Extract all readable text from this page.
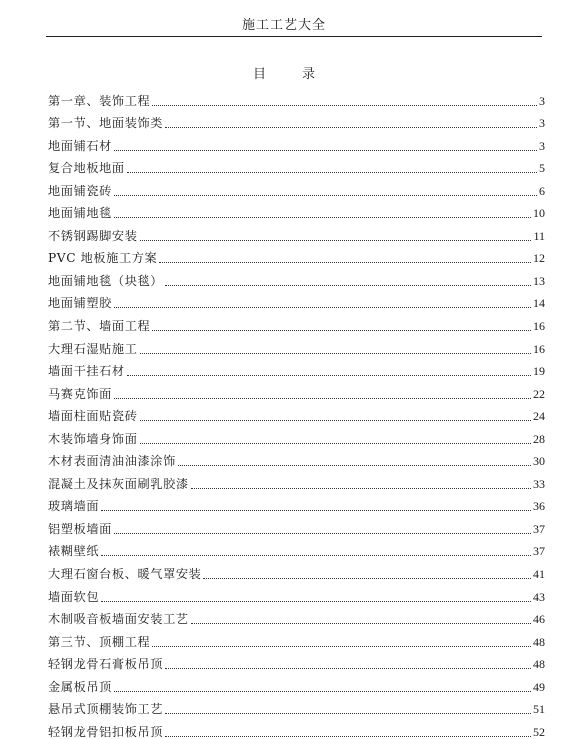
施工工艺大全
目	录
第一章、装饰工程	3
第一节、地面装饰类	3
地面铺石材	3
复合地板地面	5
地面铺瓷砖	6
地面铺地毯	10
不锈钢踢脚安装	11
PVC 地板施工方案	12
地面铺地毯（块毯）	13
地面铺塑胶	14
第二节、墙面工程	16
大理石湿贴施工	16
墙面干挂石材	19
马赛克饰面	22
墙面柱面贴瓷砖	24
木装饰墙身饰面	28
木材表面清油油漆涂饰	30
混凝土及抹灰面刷乳胶漆	33
玻璃墙面	36
铝塑板墙面	37
裱糊壁纸	37
大理石窗台板、暖气罩安装	41
墙面软包	43
木制吸音板墙面安装工艺	46
第三节、顶棚工程	48
轻钢龙骨石膏板吊顶	48
金属板吊顶	49
悬吊式顶棚装饰工艺	51
轻钢龙骨铝扣板吊顶	52
